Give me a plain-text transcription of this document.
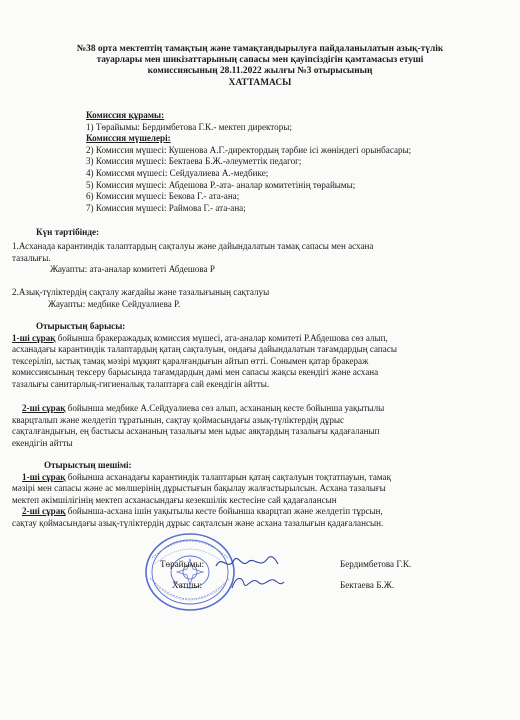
№38 орта мектептің тамақтың және тамақтандырылуға пайдаланылатын азық-түлік
тауарлары мен шикізаттарының сапасы мен қауіпсіздігін қамтамасыз етуші
комиссиясының 28.11.2022 жылғы №3 отырысының
ХАТТАМАСЫ
Комиссия құрамы:
1) Төрайымы: Бердимбетова Г.К.- мектеп директоры;
Комиссия мүшелері:
2) Комиссия мүшесі: Кушенова А.Г.-директордың тәрбие ісі жөніндегі орынбасары;
3) Комиссия мүшесі: Бектаева Б.Ж.-әлеуметтік педагог;
4) Комиссмя мүшесі: Сейдуалиева А.-медбике;
5) Комиссия мүшесі: Абдешова Р.-ата- аналар комитетінің төрайымы;
6) Комиссия мүшесі: Бекова Г.- ата-ана;
7) Комиссия мүшесі: Раймова Г.- ата-ана;
Күн тәртібінде:
1.Асханада карантиндік талаптардың сақталуы және дайындалатын тамақ сапасы мен асхана
тазалығы.
Жауапты: ата-аналар комитеті Абдешова Р
2.Азық-түліктердің сақталу жағдайы және тазалығының сақталуы
Жауапты: медбике Сейдуалиева Р.
Отырыстың барысы:
1-ші сұрақ бойынша бракеражадық комиссия мүшесі, ата-аналар комитеті Р.Абдешова сөз алып,
асханадағы карантиндік талаптардың қатаң сақталуын, ондағы дайындалатын тағамдардың сапасы
тексеріліп, ыстық тамақ мәзірі мұқият қаралғандығын айтып өтті. Сонымен қатар бракераж
комиссиясының тексеру барысында тағамдардың дәмі мен сапасы жақсы екендігі және асхана
тазалығы санитарлық-гигиеналық талаптарға сай екендігін айтты.
2-ші сұрақ бойынша медбике А.Сейдуалиева сөз алып, асхананың кесте бойынша уақытылы
кварцталып және желдетіп тұратынын, сақтау қоймасындағы азық-түліктердің дұрыс
сақталғандығын, ең бастысы асхананың тазалығы мен ыдыс аяқтардың тазалығы қадағаланып
екендігін айтты
Отырыстың шешімі:
1-ші сұрақ бойынша асханадағы карантиндік талаптарын қатаң сақталуын тоқтатпауын, тамақ
мәзірі мен сапасы және ас мөлшерінің дұрыстығын бақылау жалғастырылсын. Асхана тазалығы
мектеп әкімшілігінің мектеп асханасындағы кезекшілік кестесіне сай қадағалансын
2-ші сұрақ бойынша-асхана ішін уақытылы кесте бойынша кварцтап және желдетіп тұрсын,
сақтау қоймасындағы азық-түліктердің дұрыс сақталсын және асхана тазалығын қадағалансын.
Төрайымы:	Бердимбетова Г.К.
Хатшы:	Бектаева Б.Ж.
